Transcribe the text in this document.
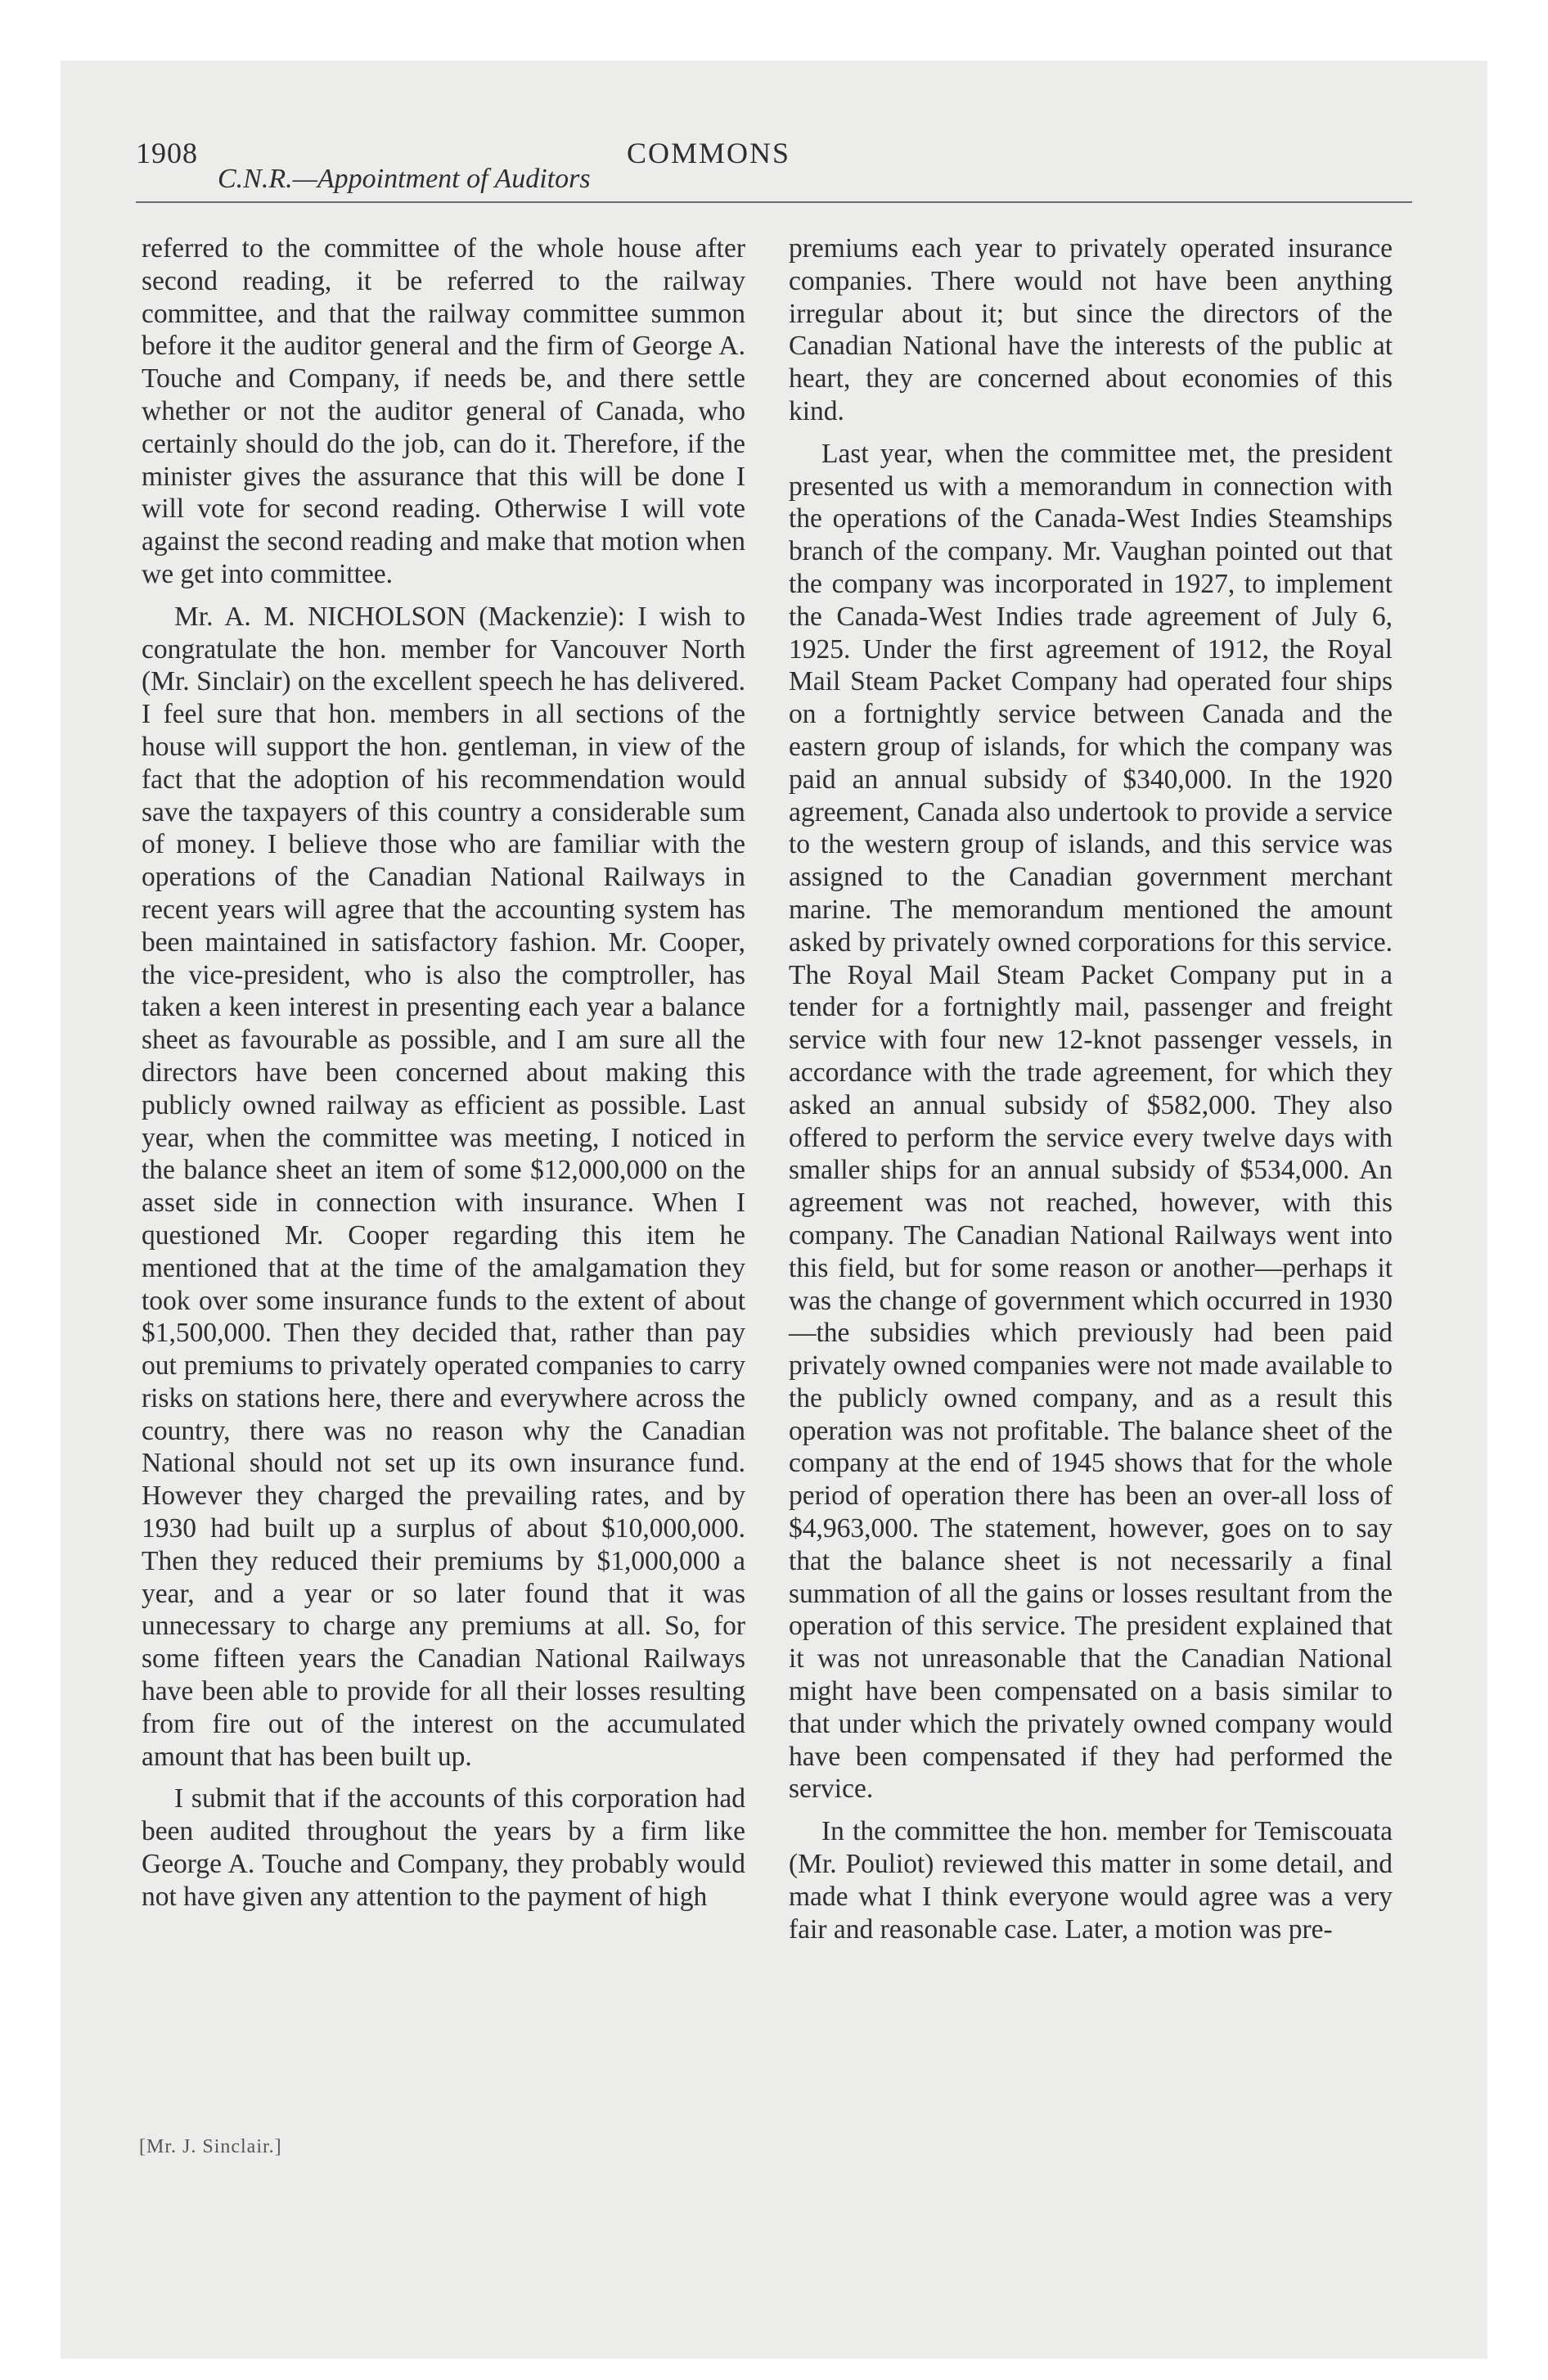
1908	COMMONS
C.N.R.—Appointment of Auditors

referred to the committee of the whole house after second reading, it be referred to the railway committee, and that the railway committee summon before it the auditor general and the firm of George A. Touche and Company, if needs be, and there settle whether or not the auditor general of Canada, who certainly should do the job, can do it. Therefore, if the minister gives the assurance that this will be done I will vote for second reading. Otherwise I will vote against the second reading and make that motion when we get into committee.

Mr. A. M. NICHOLSON (Mackenzie): I wish to congratulate the hon. member for Vancouver North (Mr. Sinclair) on the excellent speech he has delivered. I feel sure that hon. members in all sections of the house will support the hon. gentleman, in view of the fact that the adoption of his recommendation would save the taxpayers of this country a considerable sum of money. I believe those who are familiar with the operations of the Canadian National Railways in recent years will agree that the accounting system has been maintained in satisfactory fashion. Mr. Cooper, the vice-president, who is also the comptroller, has taken a keen interest in presenting each year a balance sheet as favourable as possible, and I am sure all the directors have been concerned about making this publicly owned railway as efficient as possible. Last year, when the committee was meeting, I noticed in the balance sheet an item of some $12,000,000 on the asset side in connection with insurance. When I questioned Mr. Cooper regarding this item he mentioned that at the time of the amalgamation they took over some insurance funds to the extent of about $1,500,000. Then they decided that, rather than pay out premiums to privately operated companies to carry risks on stations here, there and everywhere across the country, there was no reason why the Canadian National should not set up its own insurance fund. However they charged the prevailing rates, and by 1930 had built up a surplus of about $10,000,000. Then they reduced their premiums by $1,000,000 a year, and a year or so later found that it was unnecessary to charge any premiums at all. So, for some fifteen years the Canadian National Railways have been able to provide for all their losses resulting from fire out of the interest on the accumulated amount that has been built up.

I submit that if the accounts of this corporation had been audited throughout the years by a firm like George A. Touche and Company, they probably would not have given any attention to the payment of high

premiums each year to privately operated insurance companies. There would not have been anything irregular about it; but since the directors of the Canadian National have the interests of the public at heart, they are concerned about economies of this kind.

Last year, when the committee met, the president presented us with a memorandum in connection with the operations of the Canada-West Indies Steamships branch of the company. Mr. Vaughan pointed out that the company was incorporated in 1927, to implement the Canada-West Indies trade agreement of July 6, 1925. Under the first agreement of 1912, the Royal Mail Steam Packet Company had operated four ships on a fortnightly service between Canada and the eastern group of islands, for which the company was paid an annual subsidy of $340,000. In the 1920 agreement, Canada also undertook to provide a service to the western group of islands, and this service was assigned to the Canadian government merchant marine. The memorandum mentioned the amount asked by privately owned corporations for this service. The Royal Mail Steam Packet Company put in a tender for a fortnightly mail, passenger and freight service with four new 12-knot passenger vessels, in accordance with the trade agreement, for which they asked an annual subsidy of $582,000. They also offered to perform the service every twelve days with smaller ships for an annual subsidy of $534,000. An agreement was not reached, however, with this company. The Canadian National Railways went into this field, but for some reason or another—perhaps it was the change of government which occurred in 1930—the subsidies which previously had been paid privately owned companies were not made available to the publicly owned company, and as a result this operation was not profitable. The balance sheet of the company at the end of 1945 shows that for the whole period of operation there has been an over-all loss of $4,963,000. The statement, however, goes on to say that the balance sheet is not necessarily a final summation of all the gains or losses resultant from the operation of this service. The president explained that it was not unreasonable that the Canadian National might have been compensated on a basis similar to that under which the privately owned company would have been compensated if they had performed the service.

In the committee the hon. member for Temiscouata (Mr. Pouliot) reviewed this matter in some detail, and made what I think everyone would agree was a very fair and reasonable case. Later, a motion was pre-

[Mr. J. Sinclair.]
